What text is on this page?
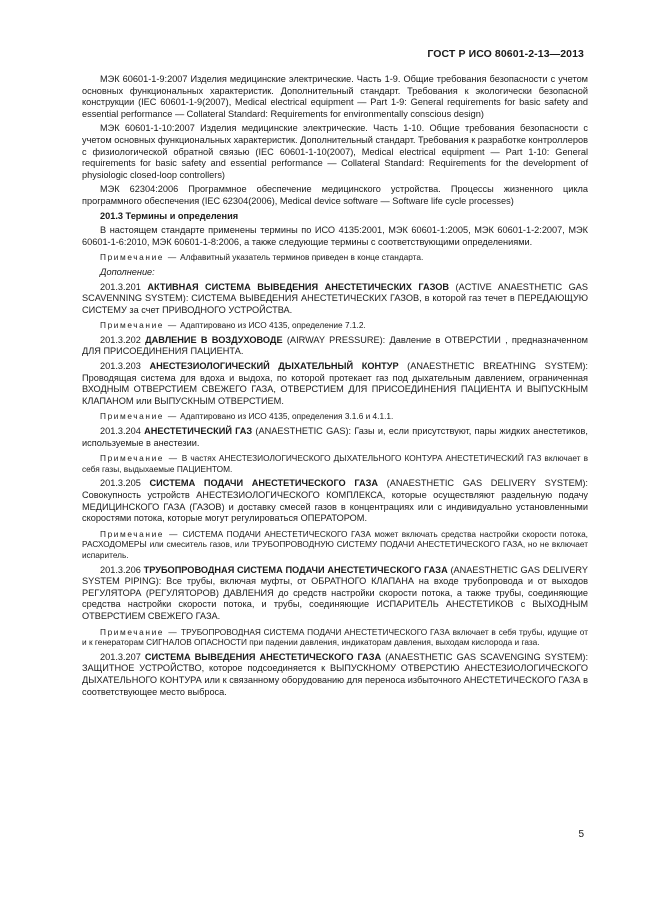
ГОСТ Р ИСО 80601-2-13—2013

МЭК 60601-1-9:2007 Изделия медицинские электрические. Часть 1-9. Общие требования безопасности с учетом основных функциональных характеристик. Дополнительный стандарт. Требования к экологически безопасной конструкции (IEC 60601-1-9(2007), Medical electrical equipment — Part 1-9: General requirements for basic safety and essential performance — Collateral Standard: Requirements for environmentally conscious design)

МЭК 60601-1-10:2007 Изделия медицинские электрические. Часть 1-10. Общие требования безопасности с учетом основных функциональных характеристик. Дополнительный стандарт. Требования к разработке контроллеров с физиологической обратной связью (IEC 60601-1-10(2007), Medical electrical equipment — Part 1-10: General requirements for basic safety and essential performance — Collateral Standard: Requirements for the development of physiologic closed-loop controllers)

МЭК 62304:2006 Программное обеспечение медицинского устройства. Процессы жизненного цикла программного обеспечения (IEC 62304(2006), Medical device software — Software life cycle processes)

201.3 Термины и определения

В настоящем стандарте применены термины по ИСО 4135:2001, МЭК 60601-1:2005, МЭК 60601-1-2:2007, МЭК 60601-1-6:2010, МЭК 60601-1-8:2006, а также следующие термины с соответствующими определениями.

Примечание — Алфавитный указатель терминов приведен в конце стандарта.

Дополнение:

201.3.201 АКТИВНАЯ СИСТЕМА ВЫВЕДЕНИЯ АНЕСТЕТИЧЕСКИХ ГАЗОВ (ACTIVE ANAESTHETIC GAS SCAVENNING SYSTEM): СИСТЕМА ВЫВЕДЕНИЯ АНЕСТЕТИЧЕСКИХ ГАЗОВ, в которой газ течет в ПЕРЕДАЮЩУЮ СИСТЕМУ за счет ПРИВОДНОГО УСТРОЙСТВА.

Примечание — Адаптировано из ИСО 4135, определение 7.1.2.

201.3.202 ДАВЛЕНИЕ В ВОЗДУХОВОДЕ (AIRWAY PRESSURE): Давление в ОТВЕРСТИИ , предназначенном ДЛЯ ПРИСОЕДИНЕНИЯ ПАЦИЕНТА.

201.3.203 АНЕСТЕЗИОЛОГИЧЕСКИЙ ДЫХАТЕЛЬНЫЙ КОНТУР (ANAESTHETIC BREATHING SYSTEM): Проводящая система для вдоха и выдоха, по которой протекает газ под дыхательным давлением, ограниченная ВХОДНЫМ ОТВЕРСТИЕМ СВЕЖЕГО ГАЗА, ОТВЕРСТИЕМ ДЛЯ ПРИСОЕДИНЕНИЯ ПАЦИЕНТА И ВЫПУСКНЫМ КЛАПАНОМ или ВЫПУСКНЫМ ОТВЕРСТИЕМ.

Примечание — Адаптировано из ИСО 4135, определения 3.1.6 и 4.1.1.

201.3.204 АНЕСТЕТИЧЕСКИЙ ГАЗ (ANAESTHETIC GAS): Газы и, если присутствуют, пары жидких анестетиков, используемые в анестезии.

Примечание — В частях АНЕСТЕЗИОЛОГИЧЕСКОГО ДЫХАТЕЛЬНОГО КОНТУРА АНЕСТЕТИЧЕСКИЙ ГАЗ включает в себя газы, выдыхаемые ПАЦИЕНТОМ.

201.3.205 СИСТЕМА ПОДАЧИ АНЕСТЕТИЧЕСКОГО ГАЗА (ANAESTHETIC GAS DELIVERY SYSTEM): Совокупность устройств АНЕСТЕЗИОЛОГИЧЕСКОГО КОМПЛЕКСА, которые осуществляют раздельную подачу МЕДИЦИНСКОГО ГАЗА (ГАЗОВ) и доставку смесей газов в концентрациях или с индивидуально установленными скоростями потока, которые могут регулироваться ОПЕРАТОРОМ.

Примечание — СИСТЕМА ПОДАЧИ АНЕСТЕТИЧЕСКОГО ГАЗА может включать средства настройки скорости потока, РАСХОДОМЕРЫ или смеситель газов, или ТРУБОПРОВОДНУЮ СИСТЕМУ ПОДАЧИ АНЕСТЕТИЧЕСКОГО ГАЗА, но не включает испаритель.

201.3.206 ТРУБОПРОВОДНАЯ СИСТЕМА ПОДАЧИ АНЕСТЕТИЧЕСКОГО ГАЗА (ANAESTHETIC GAS DELIVERY SYSTEM PIPING): Все трубы, включая муфты, от ОБРАТНОГО КЛАПАНА на входе трубопровода и от выходов РЕГУЛЯТОРА (РЕГУЛЯТОРОВ) ДАВЛЕНИЯ до средств настройки скорости потока, а также трубы, соединяющие средства настройки скорости потока, и трубы, соединяющие ИСПАРИТЕЛЬ АНЕСТЕТИКОВ с ВЫХОДНЫМ ОТВЕРСТИЕМ СВЕЖЕГО ГАЗА.

Примечание — ТРУБОПРОВОДНАЯ СИСТЕМА ПОДАЧИ АНЕСТЕТИЧЕСКОГО ГАЗА включает в себя трубы, идущие от и к генераторам СИГНАЛОВ ОПАСНОСТИ при падении давления, индикаторам давления, выходам кислорода и газа.

201.3.207 СИСТЕМА ВЫВЕДЕНИЯ АНЕСТЕТИЧЕСКОГО ГАЗА (ANAESTHETIC GAS SCAVENGING SYSTEM): ЗАЩИТНОЕ УСТРОЙСТВО, которое подсоединяется к ВЫПУСКНОМУ ОТВЕРСТИЮ АНЕСТЕЗИОЛОГИЧЕСКОГО ДЫХАТЕЛЬНОГО КОНТУРА или к связанному оборудованию для переноса избыточного АНЕСТЕТИЧЕСКОГО ГАЗА в соответствующее место выброса.

5
